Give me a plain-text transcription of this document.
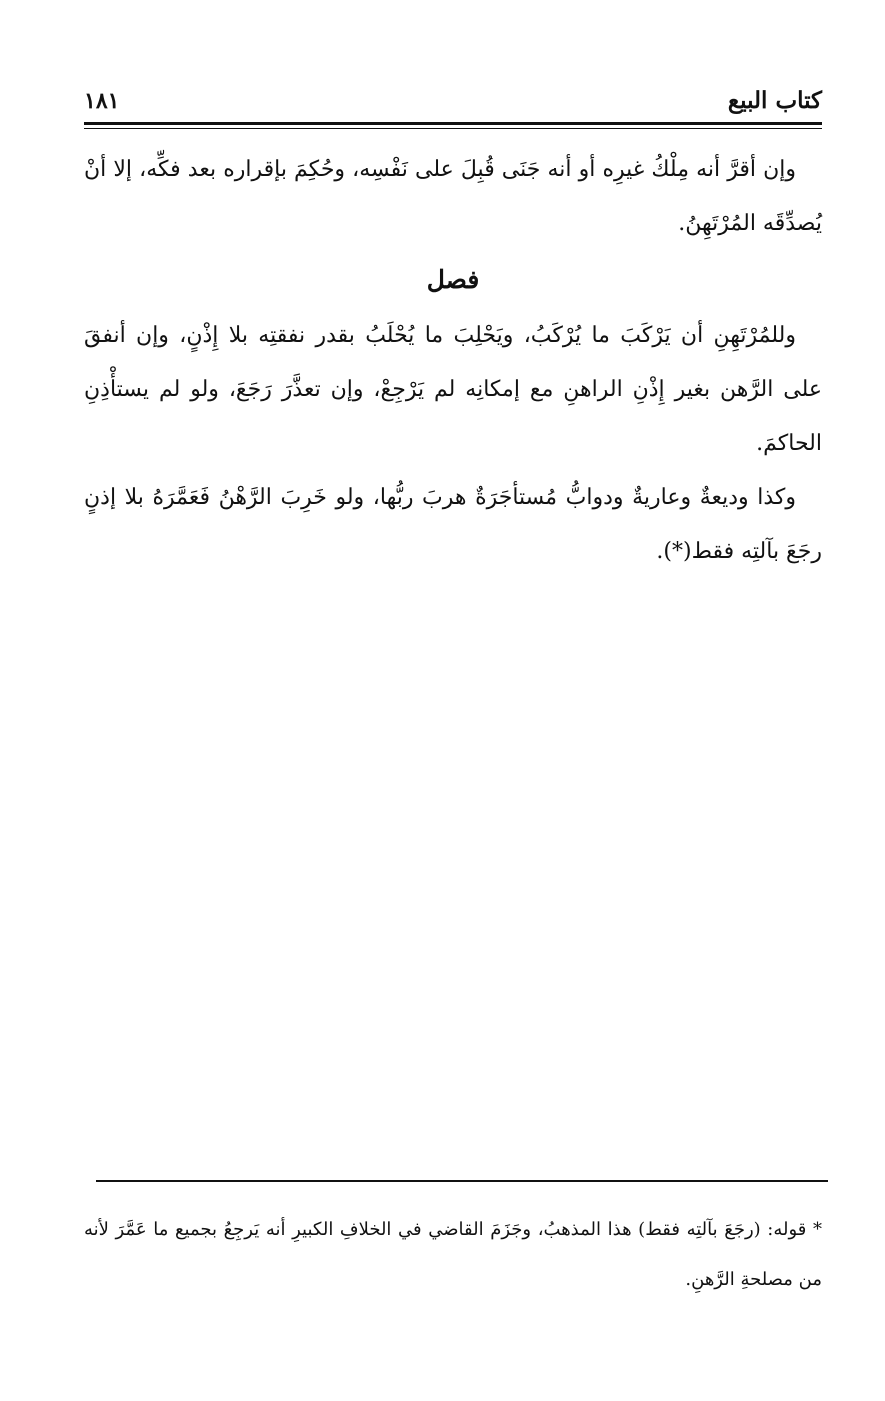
كتاب البيع
١٨١

وإن أقرَّ أنه مِلْكُ غيرِه أو أنه جَنَى قُبِلَ على نَفْسِه، وحُكِمَ بإقراره بعد فكِّه، إلا أنْ يُصدِّقَه المُرْتَهِنُ.

فصل

وللمُرْتَهِنِ أن يَرْكَبَ ما يُرْكَبُ، ويَحْلِبَ ما يُحْلَبُ بقدر نفقتِه بلا إِذْنٍ، وإن أنفقَ على الرَّهن بغير إِذْنِ الراهنِ مع إمكانِه لم يَرْجِعْ، وإن تعذَّرَ رَجَعَ، ولو لم يستأْذِنِ الحاكمَ.

وكذا وديعةٌ وعاريةٌ ودوابُّ مُستأجَرَةٌ هربَ ربُّها، ولو خَرِبَ الرَّهْنُ فَعَمَّرَهُ بلا إذنٍ رجَعَ بآلتِه فقط(*).

* قوله: (رجَعَ بآلتِه فقط) هذا المذهبُ، وجَزَمَ القاضي في الخلافِ الكبيرِ أنه يَرجِعُ بجميع ما عَمَّرَ لأنه من مصلحةِ الرَّهنِ.
